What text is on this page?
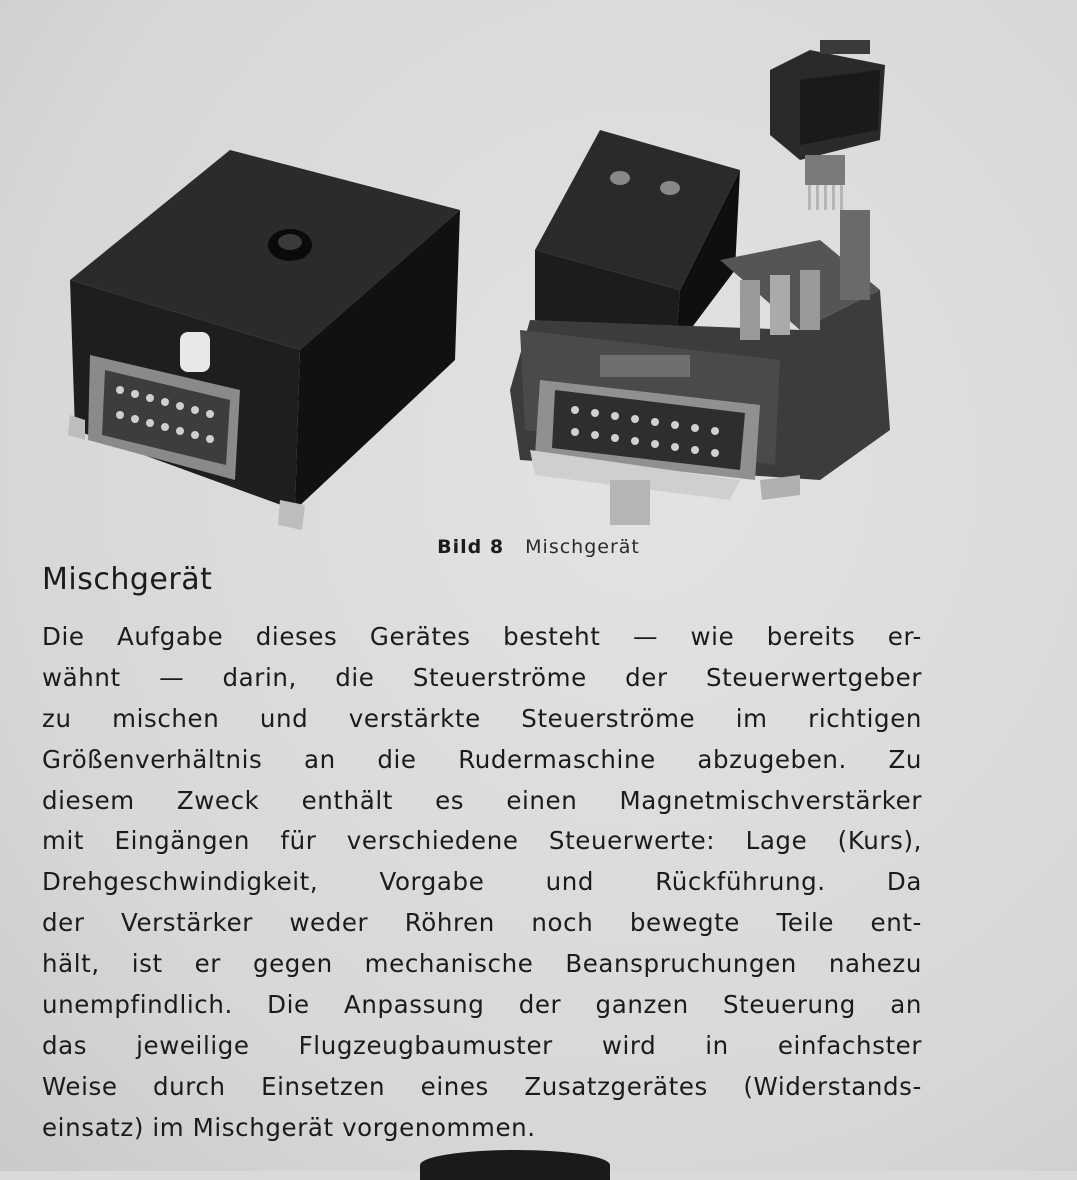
Bild 8 Mischgerät
Mischgerät
Die Aufgabe dieses Gerätes besteht — wie bereits er-
wähnt — darin, die Steuerströme der Steuerwertgeber
zu mischen und verstärkte Steuerströme im richtigen
Größenverhältnis an die Rudermaschine abzugeben. Zu
diesem Zweck enthält es einen Magnetmischverstärker
mit Eingängen für verschiedene Steuerwerte: Lage (Kurs),
Drehgeschwindigkeit, Vorgabe und Rückführung. Da
der Verstärker weder Röhren noch bewegte Teile ent-
hält, ist er gegen mechanische Beanspruchungen nahezu
unempfindlich. Die Anpassung der ganzen Steuerung an
das jeweilige Flugzeugbaumuster wird in einfachster
Weise durch Einsetzen eines Zusatzgerätes (Widerstands-
einsatz) im Mischgerät vorgenommen.
